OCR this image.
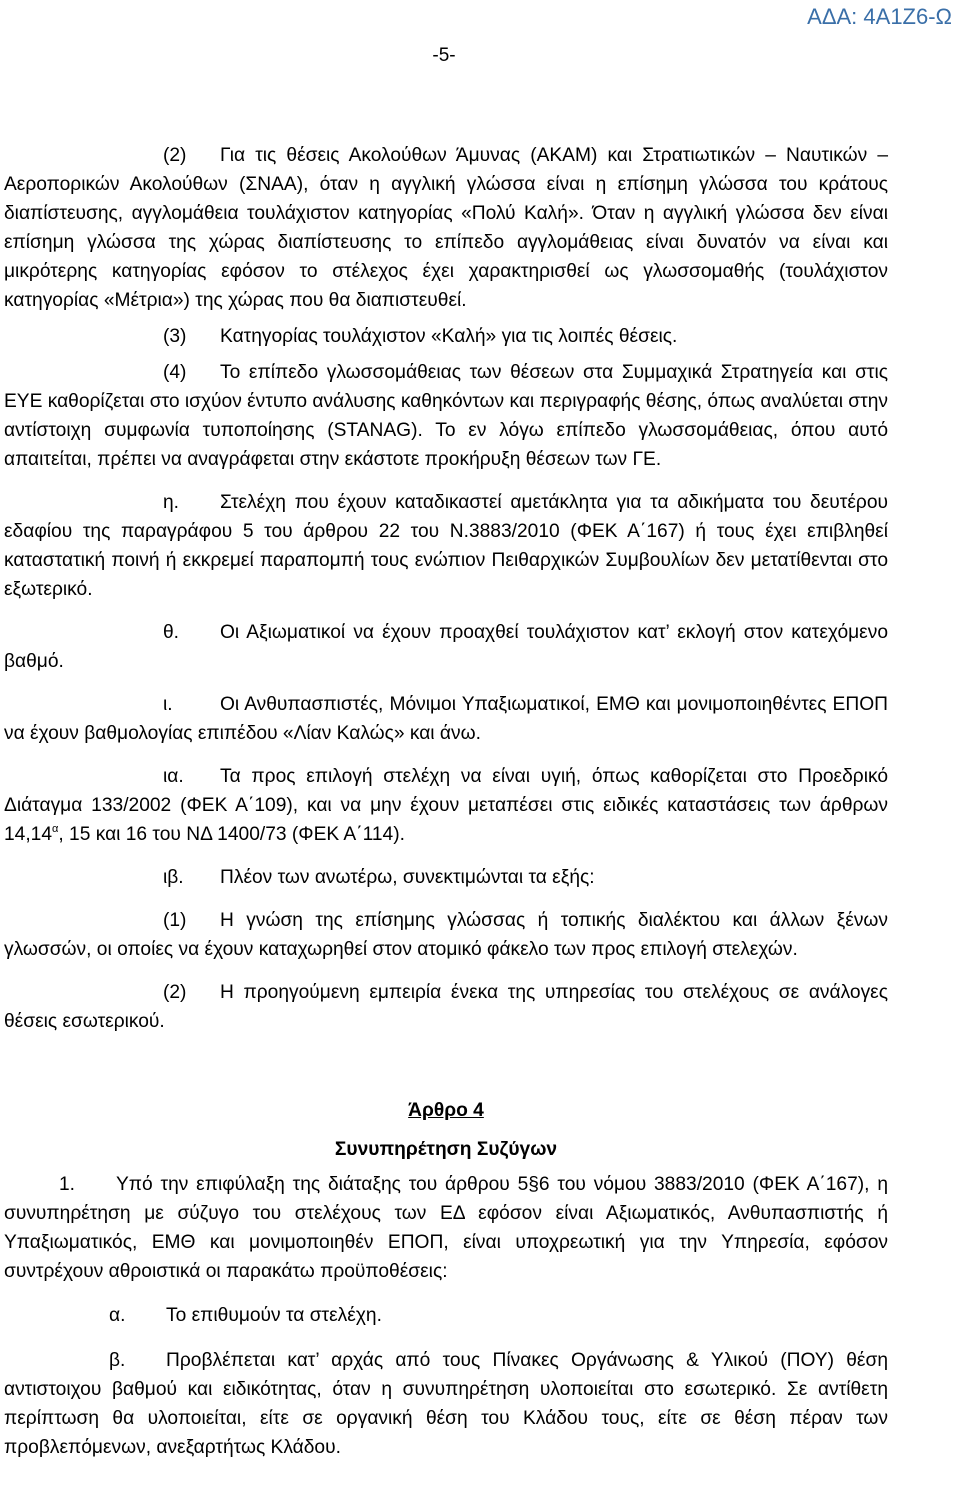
ΑΔΑ: 4Α1Ζ6-Ω
-5-

(2) Για τις θέσεις Ακολούθων Άμυνας (ΑΚΑΜ) και Στρατιωτικών – Ναυτικών – Αεροπορικών Ακολούθων (ΣΝΑΑ), όταν η αγγλική γλώσσα είναι η επίσημη γλώσσα του κράτους διαπίστευσης, αγγλομάθεια τουλάχιστον κατηγορίας «Πολύ Καλή». Όταν η αγγλική γλώσσα δεν είναι επίσημη γλώσσα της χώρας διαπίστευσης το επίπεδο αγγλομάθειας είναι δυνατόν να είναι και μικρότερης κατηγορίας εφόσον το στέλεχος έχει χαρακτηρισθεί ως γλωσσομαθής (τουλάχιστον κατηγορίας «Μέτρια») της χώρας που θα διαπιστευθεί.

(3) Κατηγορίας τουλάχιστον «Καλή» για τις λοιπές θέσεις.

(4) Το επίπεδο γλωσσομάθειας των θέσεων στα Συμμαχικά Στρατηγεία και στις ΕΥΕ καθορίζεται στο ισχύον έντυπο ανάλυσης καθηκόντων και περιγραφής θέσης, όπως αναλύεται στην αντίστοιχη συμφωνία τυποποίησης (STANAG). Το εν λόγω επίπεδο γλωσσομάθειας, όπου αυτό απαιτείται, πρέπει να αναγράφεται στην εκάστοτε προκήρυξη θέσεων των ΓΕ.

η. Στελέχη που έχουν καταδικαστεί αμετάκλητα για τα αδικήματα του δευτέρου εδαφίου της παραγράφου 5 του άρθρου 22 του Ν.3883/2010 (ΦΕΚ Α΄167) ή τους έχει επιβληθεί καταστατική ποινή ή εκκρεμεί παραπομπή τους ενώπιον Πειθαρχικών Συμβουλίων δεν μετατίθενται στο εξωτερικό.

θ. Οι Αξιωματικοί να έχουν προαχθεί τουλάχιστον κατ’ εκλογή στον κατεχόμενο βαθμό.

ι. Οι Ανθυπασπιστές, Μόνιμοι Υπαξιωματικοί, ΕΜΘ και μονιμοποιηθέντες ΕΠΟΠ να έχουν βαθμολογίας επιπέδου «Λίαν Καλώς» και άνω.

ια. Τα προς επιλογή στελέχη να είναι υγιή, όπως καθορίζεται στο Προεδρικό Διάταγμα 133/2002 (ΦΕΚ Α΄109), και να μην έχουν μεταπέσει στις ειδικές καταστάσεις των άρθρων $14,14^\alpha$, 15 και 16 του ΝΔ 1400/73 (ΦΕΚ Α΄114).

ιβ. Πλέον των ανωτέρω, συνεκτιμώνται τα εξής:

(1) Η γνώση της επίσημης γλώσσας ή τοπικής διαλέκτου και άλλων ξένων γλωσσών, οι οποίες να έχουν καταχωρηθεί στον ατομικό φάκελο των προς επιλογή στελεχών.

(2) Η προηγούμενη εμπειρία ένεκα της υπηρεσίας του στελέχους σε ανάλογες θέσεις εσωτερικού.

Άρθρο 4

Συνυπηρέτηση Συζύγων

1. Υπό την επιφύλαξη της διάταξης του άρθρου 5§6 του νόμου 3883/2010 (ΦΕΚ Α΄167), η συνυπηρέτηση με σύζυγο του στελέχους των ΕΔ εφόσον είναι Αξιωματικός, Ανθυπασπιστής ή Υπαξιωματικός, ΕΜΘ και μονιμοποιηθέν ΕΠΟΠ, είναι υποχρεωτική για την Υπηρεσία, εφόσον συντρέχουν αθροιστικά οι παρακάτω προϋποθέσεις:

α. Το επιθυμούν τα στελέχη.

β. Προβλέπεται κατ’ αρχάς από τους Πίνακες Οργάνωσης & Υλικού (ΠΟΥ) θέση αντιστοιχου βαθμού και ειδικότητας, όταν η συνυπηρέτηση υλοποιείται στο εσωτερικό. Σε αντίθετη περίπτωση θα υλοποιείται, είτε σε οργανική θέση του Κλάδου τους, είτε σε θέση πέραν των προβλεπόμενων, ανεξαρτήτως Κλάδου.
